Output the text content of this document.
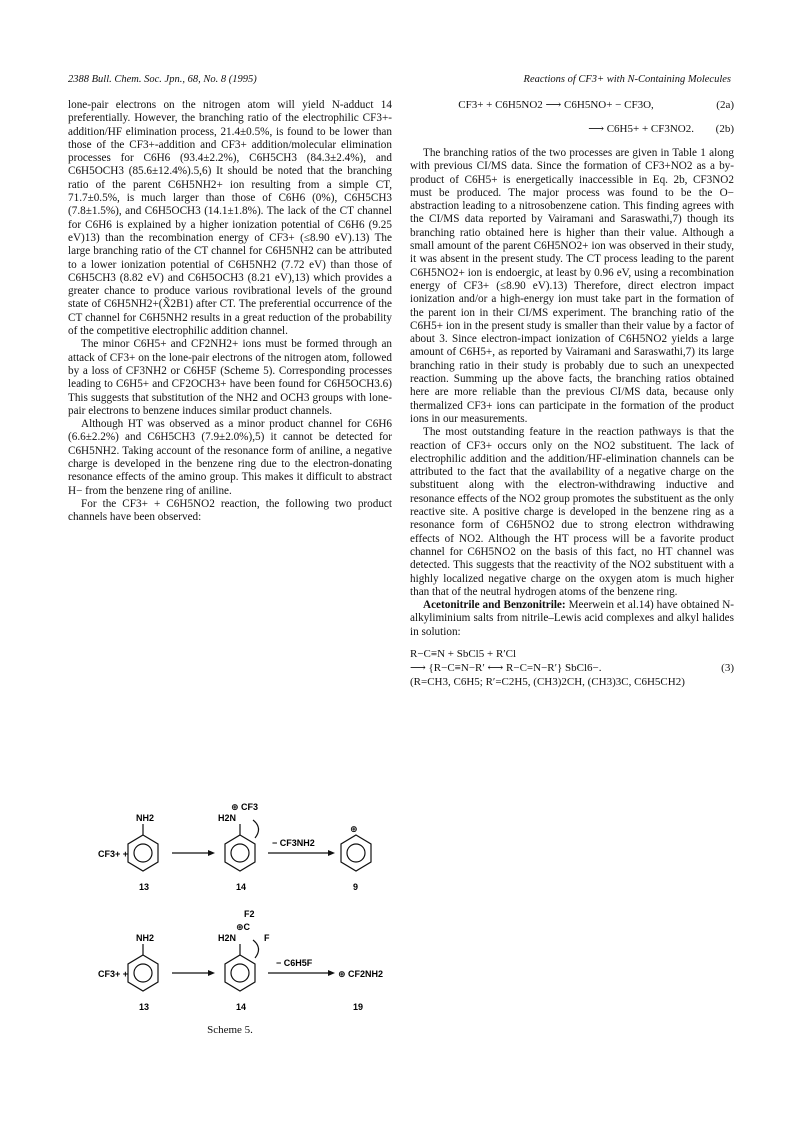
2388 Bull. Chem. Soc. Jpn., 68, No. 8 (1995)	Reactions of CF3+ with N-Containing Molecules

lone-pair electrons on the nitrogen atom will yield N-adduct 14 preferentially. However, the branching ratio of the electrophilic CF3+-addition/HF elimination process, 21.4±0.5%, is found to be lower than those of the CF3+-addition and CF3+ addition/molecular elimination processes for C6H6 (93.4±2.2%), C6H5CH3 (84.3±2.4%), and C6H5OCH3 (85.6±12.4%).5,6) It should be noted that the branching ratio of the parent C6H5NH2+ ion resulting from a simple CT, 71.7±0.5%, is much larger than those of C6H6 (0%), C6H5CH3 (7.8±1.5%), and C6H5OCH3 (14.1±1.8%). The lack of the CT channel for C6H6 is explained by a higher ionization potential of C6H6 (9.25 eV)13) than the recombination energy of CF3+ (≤8.90 eV).13) The large branching ratio of the CT channel for C6H5NH2 can be attributed to a lower ionization potential of C6H5NH2 (7.72 eV) than those of C6H5CH3 (8.82 eV) and C6H5OCH3 (8.21 eV),13) which provides a greater chance to produce various rovibrational levels of the ground state of C6H5NH2+(X̃2B1) after CT. The preferential occurrence of the CT channel for C6H5NH2 results in a great reduction of the probability of the competitive electrophilic addition channel.

The minor C6H5+ and CF2NH2+ ions must be formed through an attack of CF3+ on the lone-pair electrons of the nitrogen atom, followed by a loss of CF3NH2 or C6H5F (Scheme 5). Corresponding processes leading to C6H5+ and CF2OCH3+ have been found for C6H5OCH3.6) This suggests that substitution of the NH2 and OCH3 groups with lone-pair electrons to benzene induces similar product channels.

Although HT was observed as a minor product channel for C6H6 (6.6±2.2%) and C6H5CH3 (7.9±2.0%),5) it cannot be detected for C6H5NH2. Taking account of the resonance form of aniline, a negative charge is developed in the benzene ring due to the electron-donating resonance effects of the amino group. This makes it difficult to abstract H− from the benzene ring of aniline.

For the CF3+ + C6H5NO2 reaction, the following two product channels have been observed:

CF3+ +
NH2	H2N
⊕ CF3
− CF3NH2
⊕
13	14	9
CF3+ +
NH2	H2N
F2
⊕C
F
− C6H5F
⊕ CF2NH2
13	14	19
Scheme 5.
CF3+ + C6H5NO2 ⟶ C6H5NO+ − CF3O,	(2a)
⟶ C6H5+ + CF3NO2.	(2b)

The branching ratios of the two processes are given in Table 1 along with previous CI/MS data. Since the formation of CF3+NO2 as a by-product of C6H5+ is energetically inaccessible in Eq. 2b, CF3NO2 must be produced. The major process was found to be the O− abstraction leading to a nitrosobenzene cation. This finding agrees with the CI/MS data reported by Vairamani and Saraswathi,7) though its branching ratio obtained here is higher than their value. Although a small amount of the parent C6H5NO2+ ion was observed in their study, it was absent in the present study. The CT process leading to the parent C6H5NO2+ ion is endoergic, at least by 0.96 eV, using a recombination energy of CF3+ (≤8.90 eV).13) Therefore, direct electron impact ionization and/or a high-energy ion must take part in the formation of the parent ion in their CI/MS experiment. The branching ratio of the C6H5+ ion in the present study is smaller than their value by a factor of about 3. Since electron-impact ionization of C6H5NO2 yields a large amount of C6H5+, as reported by Vairamani and Saraswathi,7) its large branching ratio in their study is probably due to such an unexpected reaction. Summing up the above facts, the branching ratios obtained here are more reliable than the previous CI/MS data, because only thermalized CF3+ ions can participate in the formation of the product ions in our measurements.

The most outstanding feature in the reaction pathways is that the reaction of CF3+ occurs only on the NO2 substituent. The lack of electrophilic addition and the addition/HF-elimination channels can be attributed to the fact that the availability of a negative charge on the substituent along with the electron-withdrawing inductive and resonance effects of the NO2 group promotes the substituent as the only reactive site. A positive charge is developed in the benzene ring as a resonance form of C6H5NO2 due to strong electron withdrawing effects of NO2. Although the HT process will be a favorite product channel for C6H5NO2 on the basis of this fact, no HT channel was detected. This suggests that the reactivity of the NO2 substituent with a highly localized negative charge on the oxygen atom is much higher than that of the neutral hydrogen atoms of the benzene ring.

Acetonitrile and Benzonitrile: Meerwein et al.14) have obtained N-alkyliminium salts from nitrile–Lewis acid complexes and alkyl halides in solution:

R−C≡N + SbCl5 + R′Cl
⟶ {R−C≡N−R′ ⟷ R−C=N−R′} SbCl6−.	(3)
(R=CH3, C6H5; R′=C2H5, (CH3)2CH, (CH3)3C, C6H5CH2)
